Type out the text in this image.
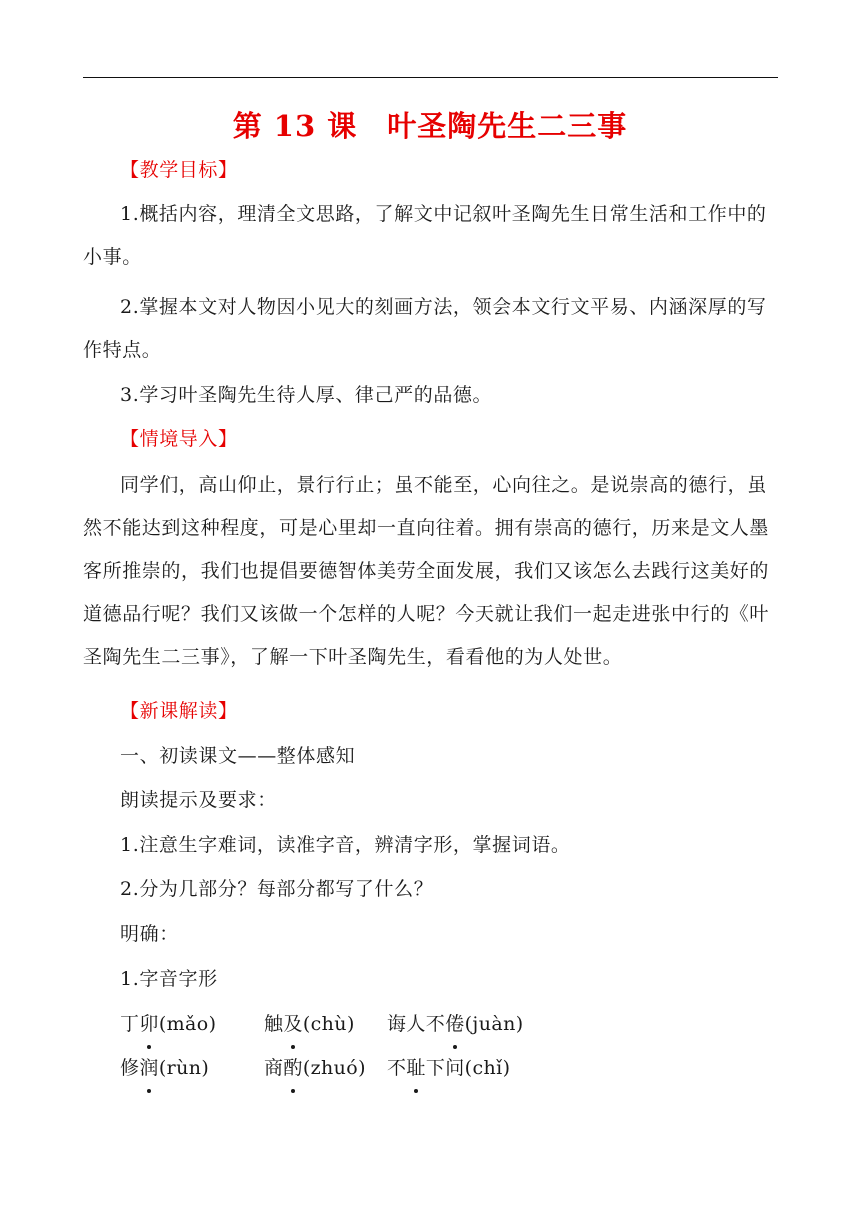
第 13 课 叶圣陶先生二三事
【教学目标】
1.概括内容，理清全文思路，了解文中记叙叶圣陶先生日常生活和工作中的小事。
2.掌握本文对人物因小见大的刻画方法，领会本文行文平易、内涵深厚的写作特点。
3.学习叶圣陶先生待人厚、律己严的品德。
【情境导入】
同学们，高山仰止，景行行止；虽不能至，心向往之。是说崇高的德行，虽然不能达到这种程度，可是心里却一直向往着。拥有崇高的德行，历来是文人墨客所推崇的，我们也提倡要德智体美劳全面发展，我们又该怎么去践行这美好的道德品行呢？我们又该做一个怎样的人呢？今天就让我们一起走进张中行的《叶圣陶先生二三事》，了解一下叶圣陶先生，看看他的为人处世。
【新课解读】
一、初读课文——整体感知
朗读提示及要求：
1.注意生字难词，读准字音，辨清字形，掌握词语。
2.分为几部分？每部分都写了什么？
明确：
1.字音字形
丁卯(mǎo)	触及(chù) 诲人不倦(juàn)
修润(rùn)	商酌(zhuó) 不耻下问(chǐ)
